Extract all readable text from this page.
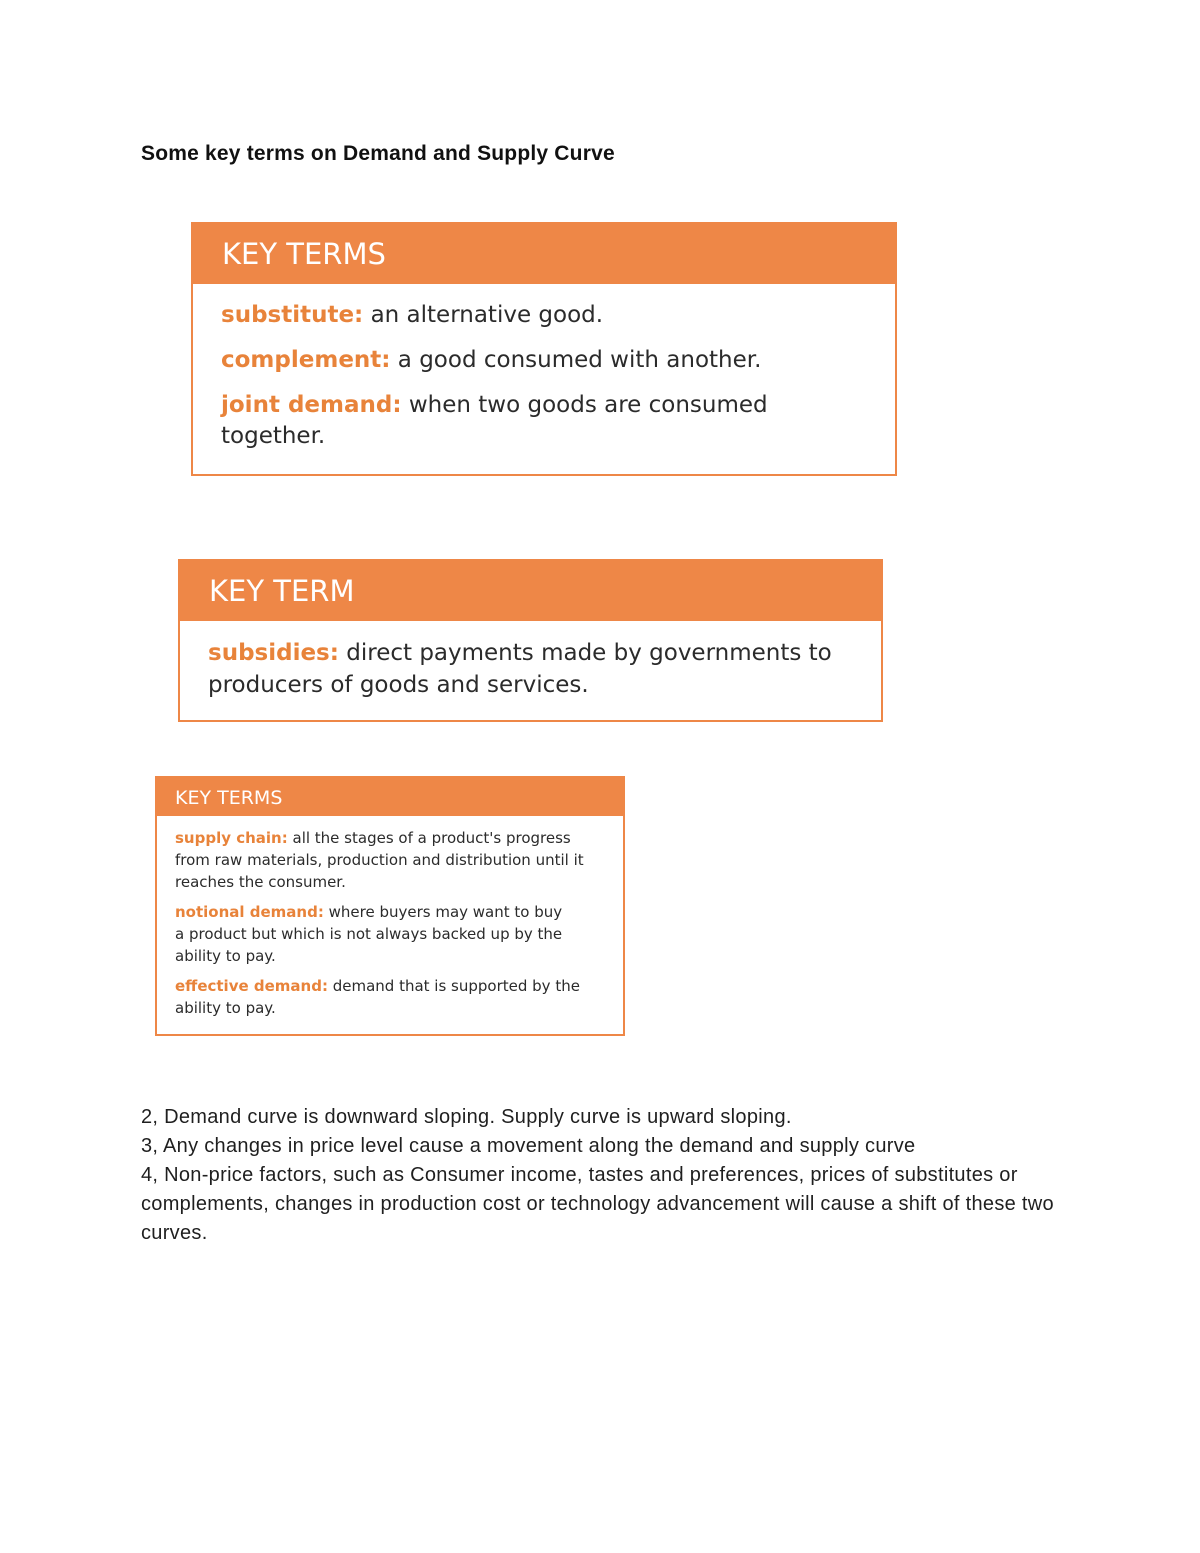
Some key terms on Demand and Supply Curve
KEY TERMS

substitute: an alternative good.

complement: a good consumed with another.

joint demand: when two goods are consumed together.

KEY TERM

subsidies: direct payments made by governments to producers of goods and services.

KEY TERMS

supply chain: all the stages of a product's progress from raw materials, production and distribution until it reaches the consumer.

notional demand: where buyers may want to buy a product but which is not always backed up by the ability to pay.

effective demand: demand that is supported by the ability to pay.

2, Demand curve is downward sloping. Supply curve is upward sloping.

3, Any changes in price level cause a movement along the demand and supply curve

4, Non-price factors, such as Consumer income, tastes and preferences, prices of substitutes or complements, changes in production cost or technology advancement will cause a shift of these two curves.
